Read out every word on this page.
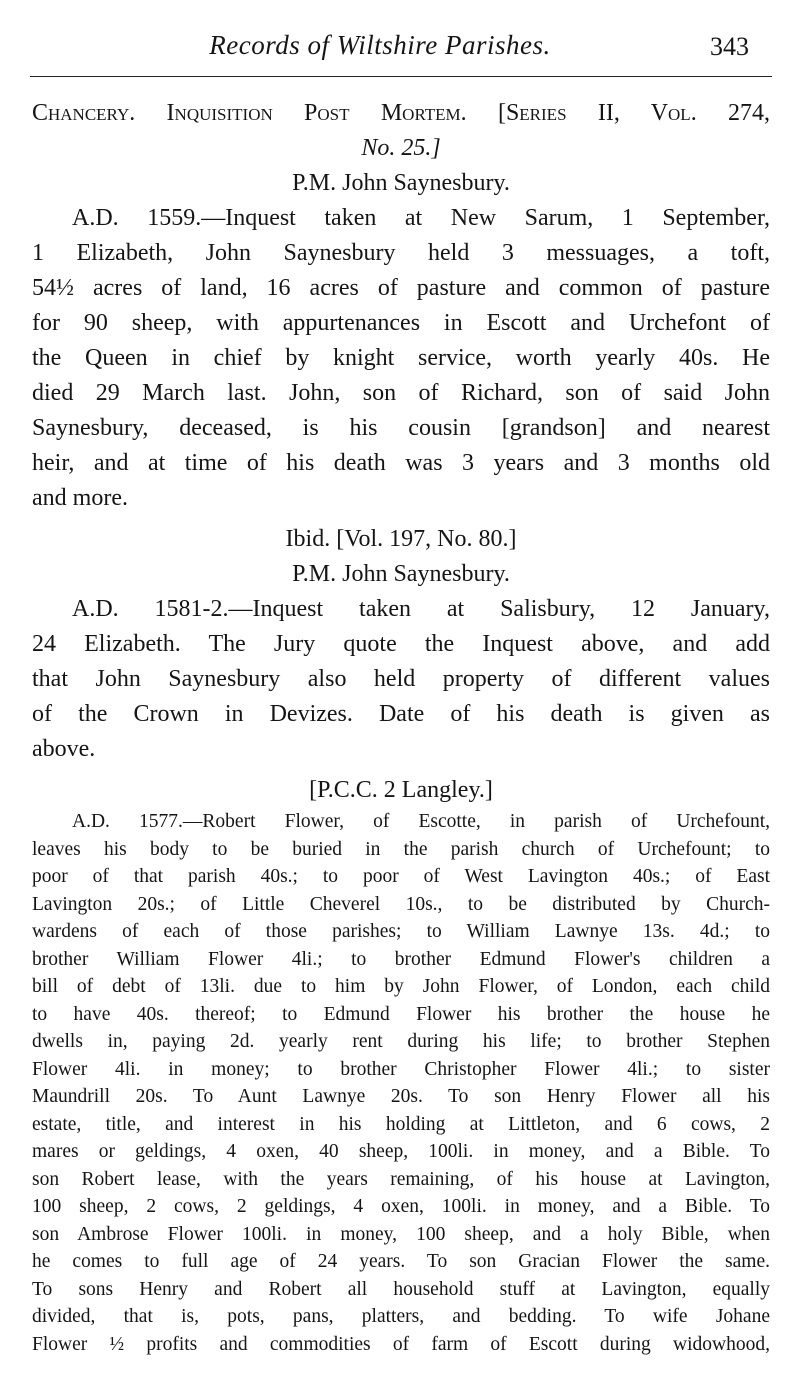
Records of Wiltshire Parishes.	343
Chancery. Inquisition Post Mortem. [Series II, Vol. 274,
No. 25.]
P.M. John Saynesbury.
A.D. 1559.—Inquest taken at New Sarum, 1 September,
1 Elizabeth, John Saynesbury held 3 messuages, a toft,
54½ acres of land, 16 acres of pasture and common of pasture
for 90 sheep, with appurtenances in Escott and Urchefont of
the Queen in chief by knight service, worth yearly 40s. He
died 29 March last. John, son of Richard, son of said John
Saynesbury, deceased, is his cousin [grandson] and nearest
heir, and at time of his death was 3 years and 3 months old
and more.
Ibid. [Vol. 197, No. 80.]
P.M. John Saynesbury.
A.D. 1581-2.—Inquest taken at Salisbury, 12 January,
24 Elizabeth. The Jury quote the Inquest above, and add
that John Saynesbury also held property of different values
of the Crown in Devizes. Date of his death is given as
above.
[P.C.C. 2 Langley.]
A.D. 1577.—Robert Flower, of Escotte, in parish of Urchefount,
leaves his body to be buried in the parish church of Urchefount; to
poor of that parish 40s.; to poor of West Lavington 40s.; of East
Lavington 20s.; of Little Cheverel 10s., to be distributed by Church-
wardens of each of those parishes; to William Lawnye 13s. 4d.; to
brother William Flower 4li.; to brother Edmund Flower's children a
bill of debt of 13li. due to him by John Flower, of London, each child
to have 40s. thereof; to Edmund Flower his brother the house he
dwells in, paying 2d. yearly rent during his life; to brother Stephen
Flower 4li. in money; to brother Christopher Flower 4li.; to sister
Maundrill 20s. To Aunt Lawnye 20s. To son Henry Flower all his
estate, title, and interest in his holding at Littleton, and 6 cows, 2
mares or geldings, 4 oxen, 40 sheep, 100li. in money, and a Bible. To
son Robert lease, with the years remaining, of his house at Lavington,
100 sheep, 2 cows, 2 geldings, 4 oxen, 100li. in money, and a Bible. To
son Ambrose Flower 100li. in money, 100 sheep, and a holy Bible, when
he comes to full age of 24 years. To son Gracian Flower the same.
To sons Henry and Robert all household stuff at Lavington, equally
divided, that is, pots, pans, platters, and bedding. To wife Johane
Flower ½ profits and commodities of farm of Escott during widowhood,
